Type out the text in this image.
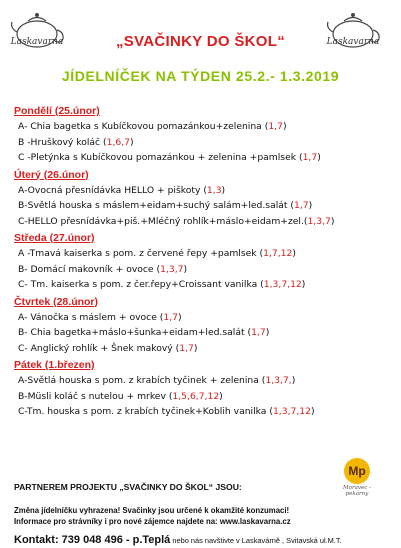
Laskavarna	Laskavarna
„SVAČINKY DO ŠKOL“
JÍDELNÍČEK NA TÝDEN 25.2.- 1.3.2019
Pondělí (25.únor)
A- Chia bagetka s Kubíčkovou pomazánkou+zelenina (1,7)
B -Hruškový koláč (1,6,7)
C -Pletýnka s Kubíčkovou pomazánkou + zelenina +pamlsek (1,7)
Úterý (26.únor)
A-Ovocná přesnídávka HELLO + piškoty (1,3)
B-Světlá houska s máslem+eidam+suchý salám+led.salát (1,7)
C-HELLO přesnídávka+piš.+Mléčný rohlík+máslo+eidam+zel.(1,3,7)
Středa (27.únor)
A -Tmavá kaiserka s pom. z červené řepy +pamlsek (1,7,12)
B- Domácí makovník + ovoce (1,3,7)
C- Tm. kaiserka s pom. z čer.řepy+Croissant vanilka (1,3,7,12)
Čtvrtek (28.únor)
A- Vánočka s máslem + ovoce (1,7)
B- Chia bagetka+máslo+šunka+eidam+led.salát (1,7)
C- Anglický rohlík + Šnek makový (1,7)
Pátek (1.březen)
A-Světlá houska s pom. z krabích tyčinek + zelenina (1,3,7,)
B-Müsli koláč s nutelou + mrkev (1,5,6,7,12)
C-Tm. houska s pom. z krabích tyčinek+Koblih vanilka (1,3,7,12)
PARTNEREM PROJEKTU „SVAČINKY DO ŠKOL“ JSOU:
Mp
Moravec - pekárny
Změna jídelníčku vyhrazena! Svačinky jsou určené k okamžité konzumaci!
Informace pro strávníky i pro nové zájemce najdete na: www.laskavarna.cz
Kontakt: 739 048 496 - p.Teplá nebo nás navštivte v Laskavárně , Svitavská ul.M.T.
